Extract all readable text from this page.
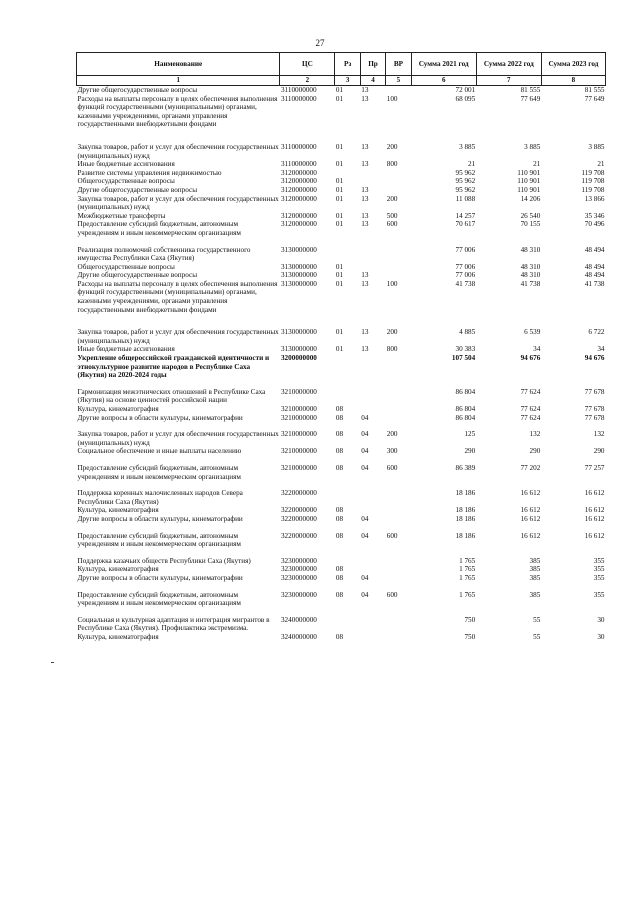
27
Наименование	ЦС	Рз	Пр	ВР	Сумма 2021 год	Сумма 2022 год	Сумма 2023 год
1	2	3	4	5	6	7	8
Другие общегосударственные вопросы	3110000000	01	13		72 001	81 555	81 555
Расходы на выплаты персоналу в целях обеспечения выполнения функций государственными (муниципальными) органами, казенными учреждениями, органами управления государственными внебюджетными фондами	3110000000	01	13	100	68 095	77 649	77 649

Закупка товаров, работ и услуг для обеспечения государственных (муниципальных) нужд	3110000000	01	13	200	3 885	3 885	3 885
Иные бюджетные ассигнования	3110000000	01	13	800	21	21	21
Развитие системы управления недвижимостью	3120000000				95 962	110 901	119 708
Общегосударственные вопросы	3120000000	01			95 962	110 901	119 708
Другие общегосударственные вопросы	3120000000	01	13		95 962	110 901	119 708
Закупка товаров, работ и услуг для обеспечения государственных (муниципальных) нужд	3120000000	01	13	200	11 088	14 206	13 866
Межбюджетные трансферты	3120000000	01	13	500	14 257	26 540	35 346
Предоставление субсидий бюджетным, автономным учреждениям и иным некоммерческим организациям	3120000000	01	13	600	70 617	70 155	70 496

Реализация полномочий собственника государственного имущества Республики Саха (Якутия)	3130000000				77 006	48 310	48 494
Общегосударственные вопросы	3130000000	01			77 006	48 310	48 494
Другие общегосударственные вопросы	3130000000	01	13		77 006	48 310	48 494
Расходы на выплаты персоналу в целях обеспечения выполнения функций государственными (муниципальными) органами, казенными учреждениями, органами управления государственными внебюджетными фондами	3130000000	01	13	100	41 738	41 738	41 738

Закупка товаров, работ и услуг для обеспечения государственных (муниципальных) нужд	3130000000	01	13	200	4 885	6 539	6 722
Иные бюджетные ассигнования	3130000000	01	13	800	30 383	34	34
Укрепление общероссийской гражданской идентичности и этнокультурное развитие народов в Республике Саха (Якутия) на 2020-2024 годы	3200000000				107 504	94 676	94 676

Гармонизация межэтнических отношений в Республике Саха (Якутия) на основе ценностей российской нации	3210000000				86 804	77 624	77 678
Культура, кинематография	3210000000	08			86 804	77 624	77 678
Другие вопросы в области культуры, кинематографии	3210000000	08	04		86 804	77 624	77 678

Закупка товаров, работ и услуг для обеспечения государственных (муниципальных) нужд	3210000000	08	04	200	125	132	132
Социальное обеспечение и иные выплаты населению	3210000000	08	04	300	290	290	290

Предоставление субсидий бюджетным, автономным учреждениям и иным некоммерческим организациям	3210000000	08	04	600	86 389	77 202	77 257

Поддержка коренных малочисленных народов Севера Республики Саха (Якутия)	3220000000				18 186	16 612	16 612
Культура, кинематография	3220000000	08			18 186	16 612	16 612
Другие вопросы в области культуры, кинематографии	3220000000	08	04		18 186	16 612	16 612

Предоставление субсидий бюджетным, автономным учреждениям и иным некоммерческим организациям	3220000000	08	04	600	18 186	16 612	16 612

Поддержка казачьих обществ Республики Саха (Якутия)	3230000000				1 765	385	355
Культура, кинематография	3230000000	08			1 765	385	355
Другие вопросы в области культуры, кинематографии	3230000000	08	04		1 765	385	355

Предоставление субсидий бюджетным, автономным учреждениям и иным некоммерческим организациям	3230000000	08	04	600	1 765	385	355

Социальная и культурная адаптация и интеграция мигрантов в Республике Саха (Якутия). Профилактика экстремизма.	3240000000				750	55	30
Культура, кинематография	3240000000	08			750	55	30
